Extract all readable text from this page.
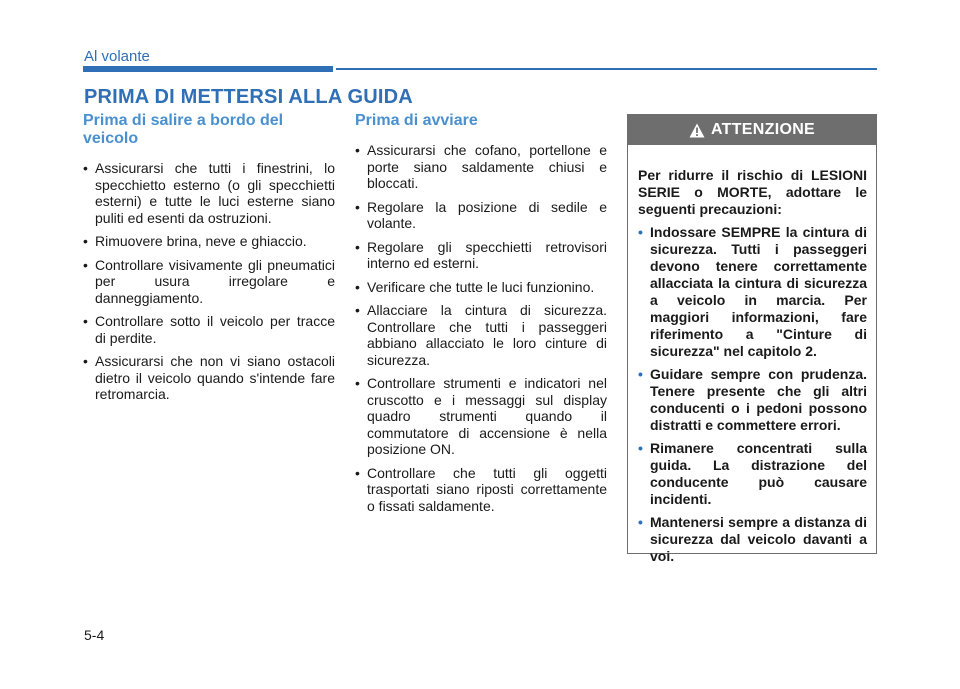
Al volante
PRIMA DI METTERSI ALLA GUIDA
Prima di salire a bordo del veicolo
• Assicurarsi che tutti i finestrini, lo specchietto esterno (o gli specchietti esterni) e tutte le luci esterne siano puliti ed esenti da ostruzioni.
• Rimuovere brina, neve e ghiaccio.
• Controllare visivamente gli pneumatici per usura irregolare e danneggiamento.
• Controllare sotto il veicolo per tracce di perdite.
• Assicurarsi che non vi siano ostacoli dietro il veicolo quando s'intende fare retromarcia.
Prima di avviare
• Assicurarsi che cofano, portellone e porte siano saldamente chiusi e bloccati.
• Regolare la posizione di sedile e volante.
• Regolare gli specchietti retrovisori interno ed esterni.
• Verificare che tutte le luci funzionino.
• Allacciare la cintura di sicurezza. Controllare che tutti i passeggeri abbiano allacciato le loro cinture di sicurezza.
• Controllare strumenti e indicatori nel cruscotto e i messaggi sul display quadro strumenti quando il commutatore di accensione è nella posizione ON.
• Controllare che tutti gli oggetti trasportati siano riposti correttamente o fissati saldamente.
ATTENZIONE

Per ridurre il rischio di LESIONI SERIE o MORTE, adottare le seguenti precauzioni:

• Indossare SEMPRE la cintura di sicurezza. Tutti i passeggeri devono tenere correttamente allacciata la cintura di sicurezza a veicolo in marcia. Per maggiori informazioni, fare riferimento a "Cinture di sicurezza" nel capitolo 2.
• Guidare sempre con prudenza. Tenere presente che gli altri conducenti o i pedoni possono distratti e commettere errori.
• Rimanere concentrati sulla guida. La distrazione del conducente può causare incidenti.
• Mantenersi sempre a distanza di sicurezza dal veicolo davanti a voi.

5-4
